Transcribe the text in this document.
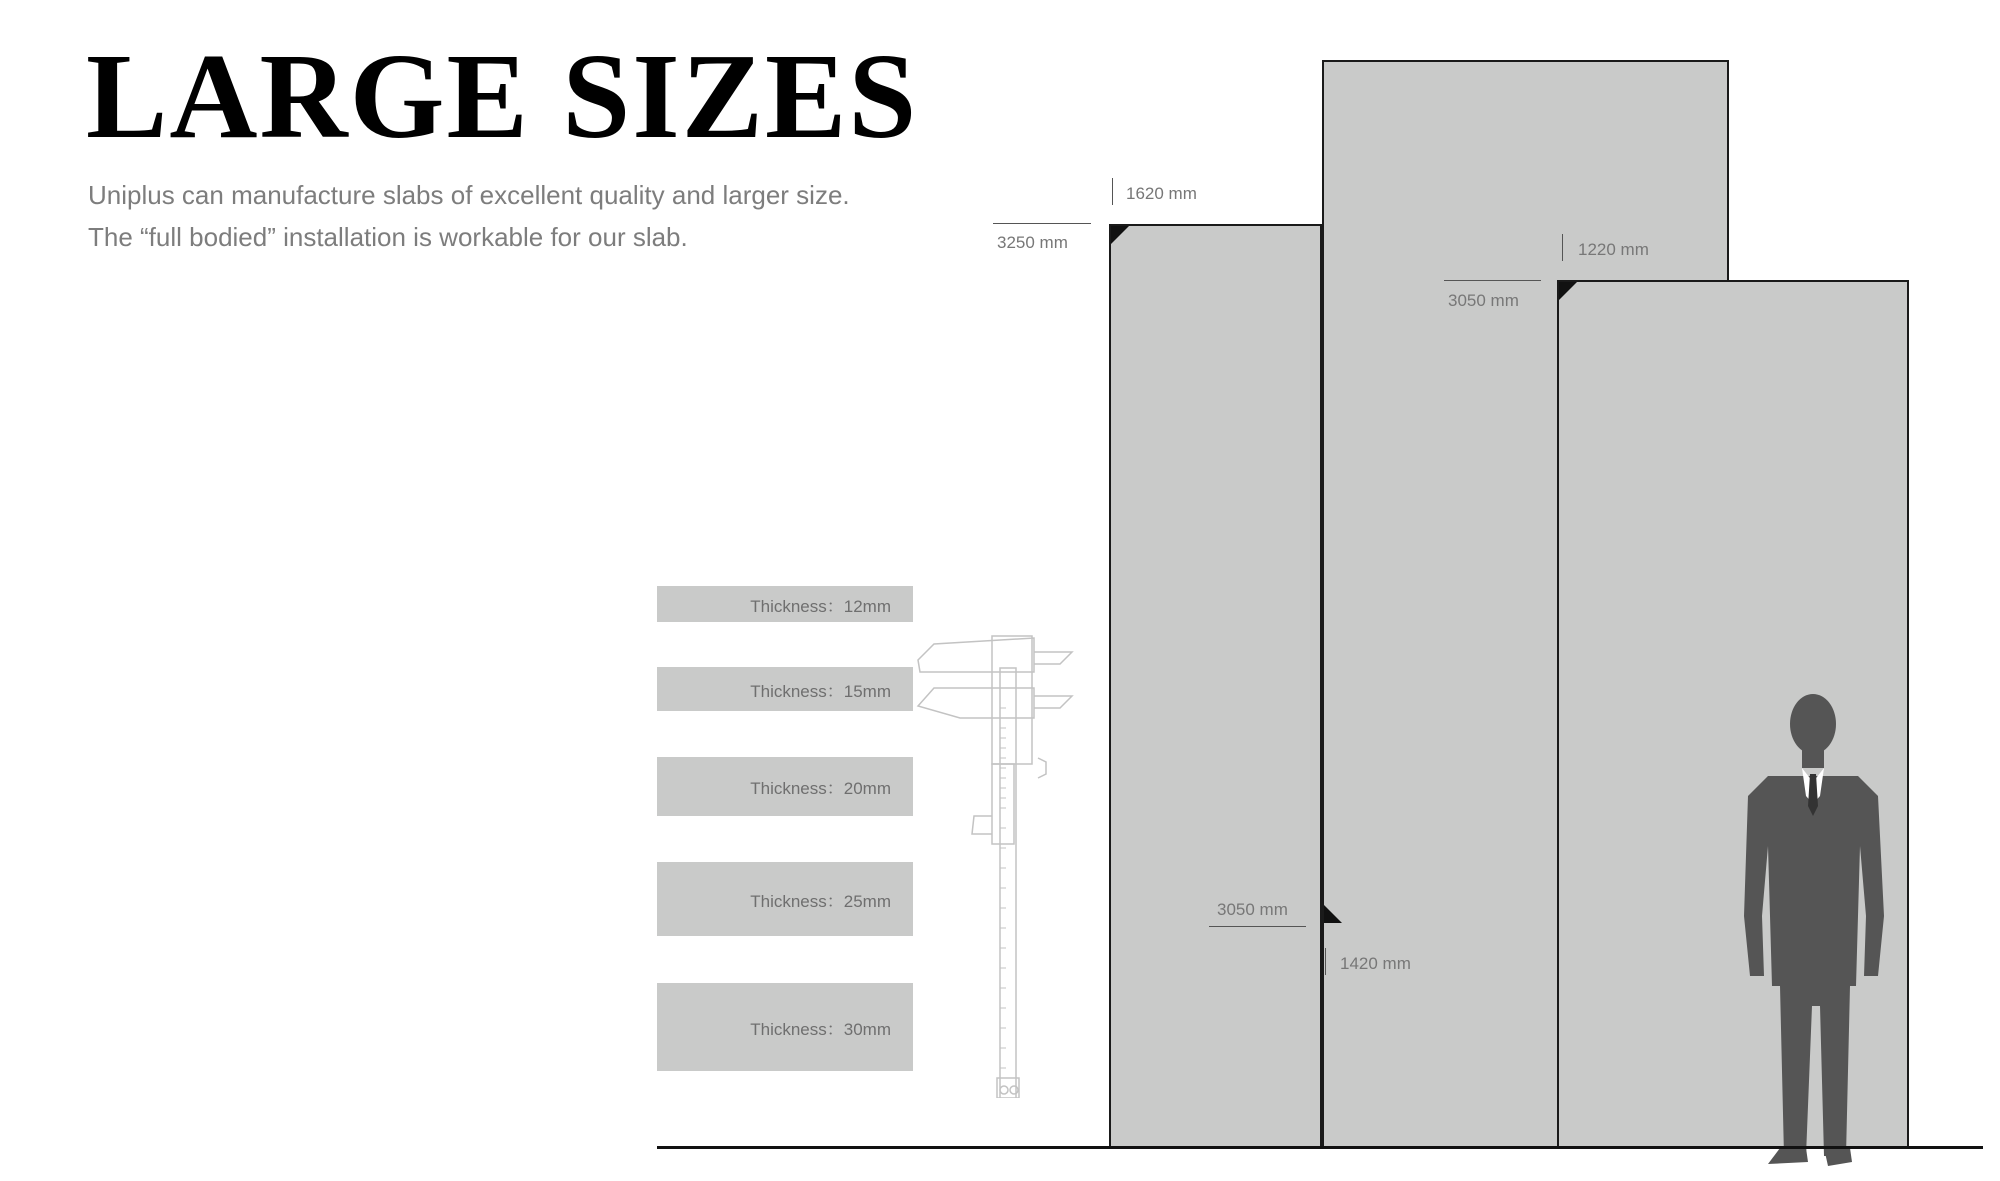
LARGE SIZES

Uniplus can manufacture slabs of excellent quality and larger size.

The “full bodied” installation is workable for our slab.	3250 mm
1620 mm
3050 mm
1420 mm
3050 mm
1220 mm
Thickness：12mm
Thickness：15mm
Thickness：20mm
Thickness：25mm
Thickness：30mm
